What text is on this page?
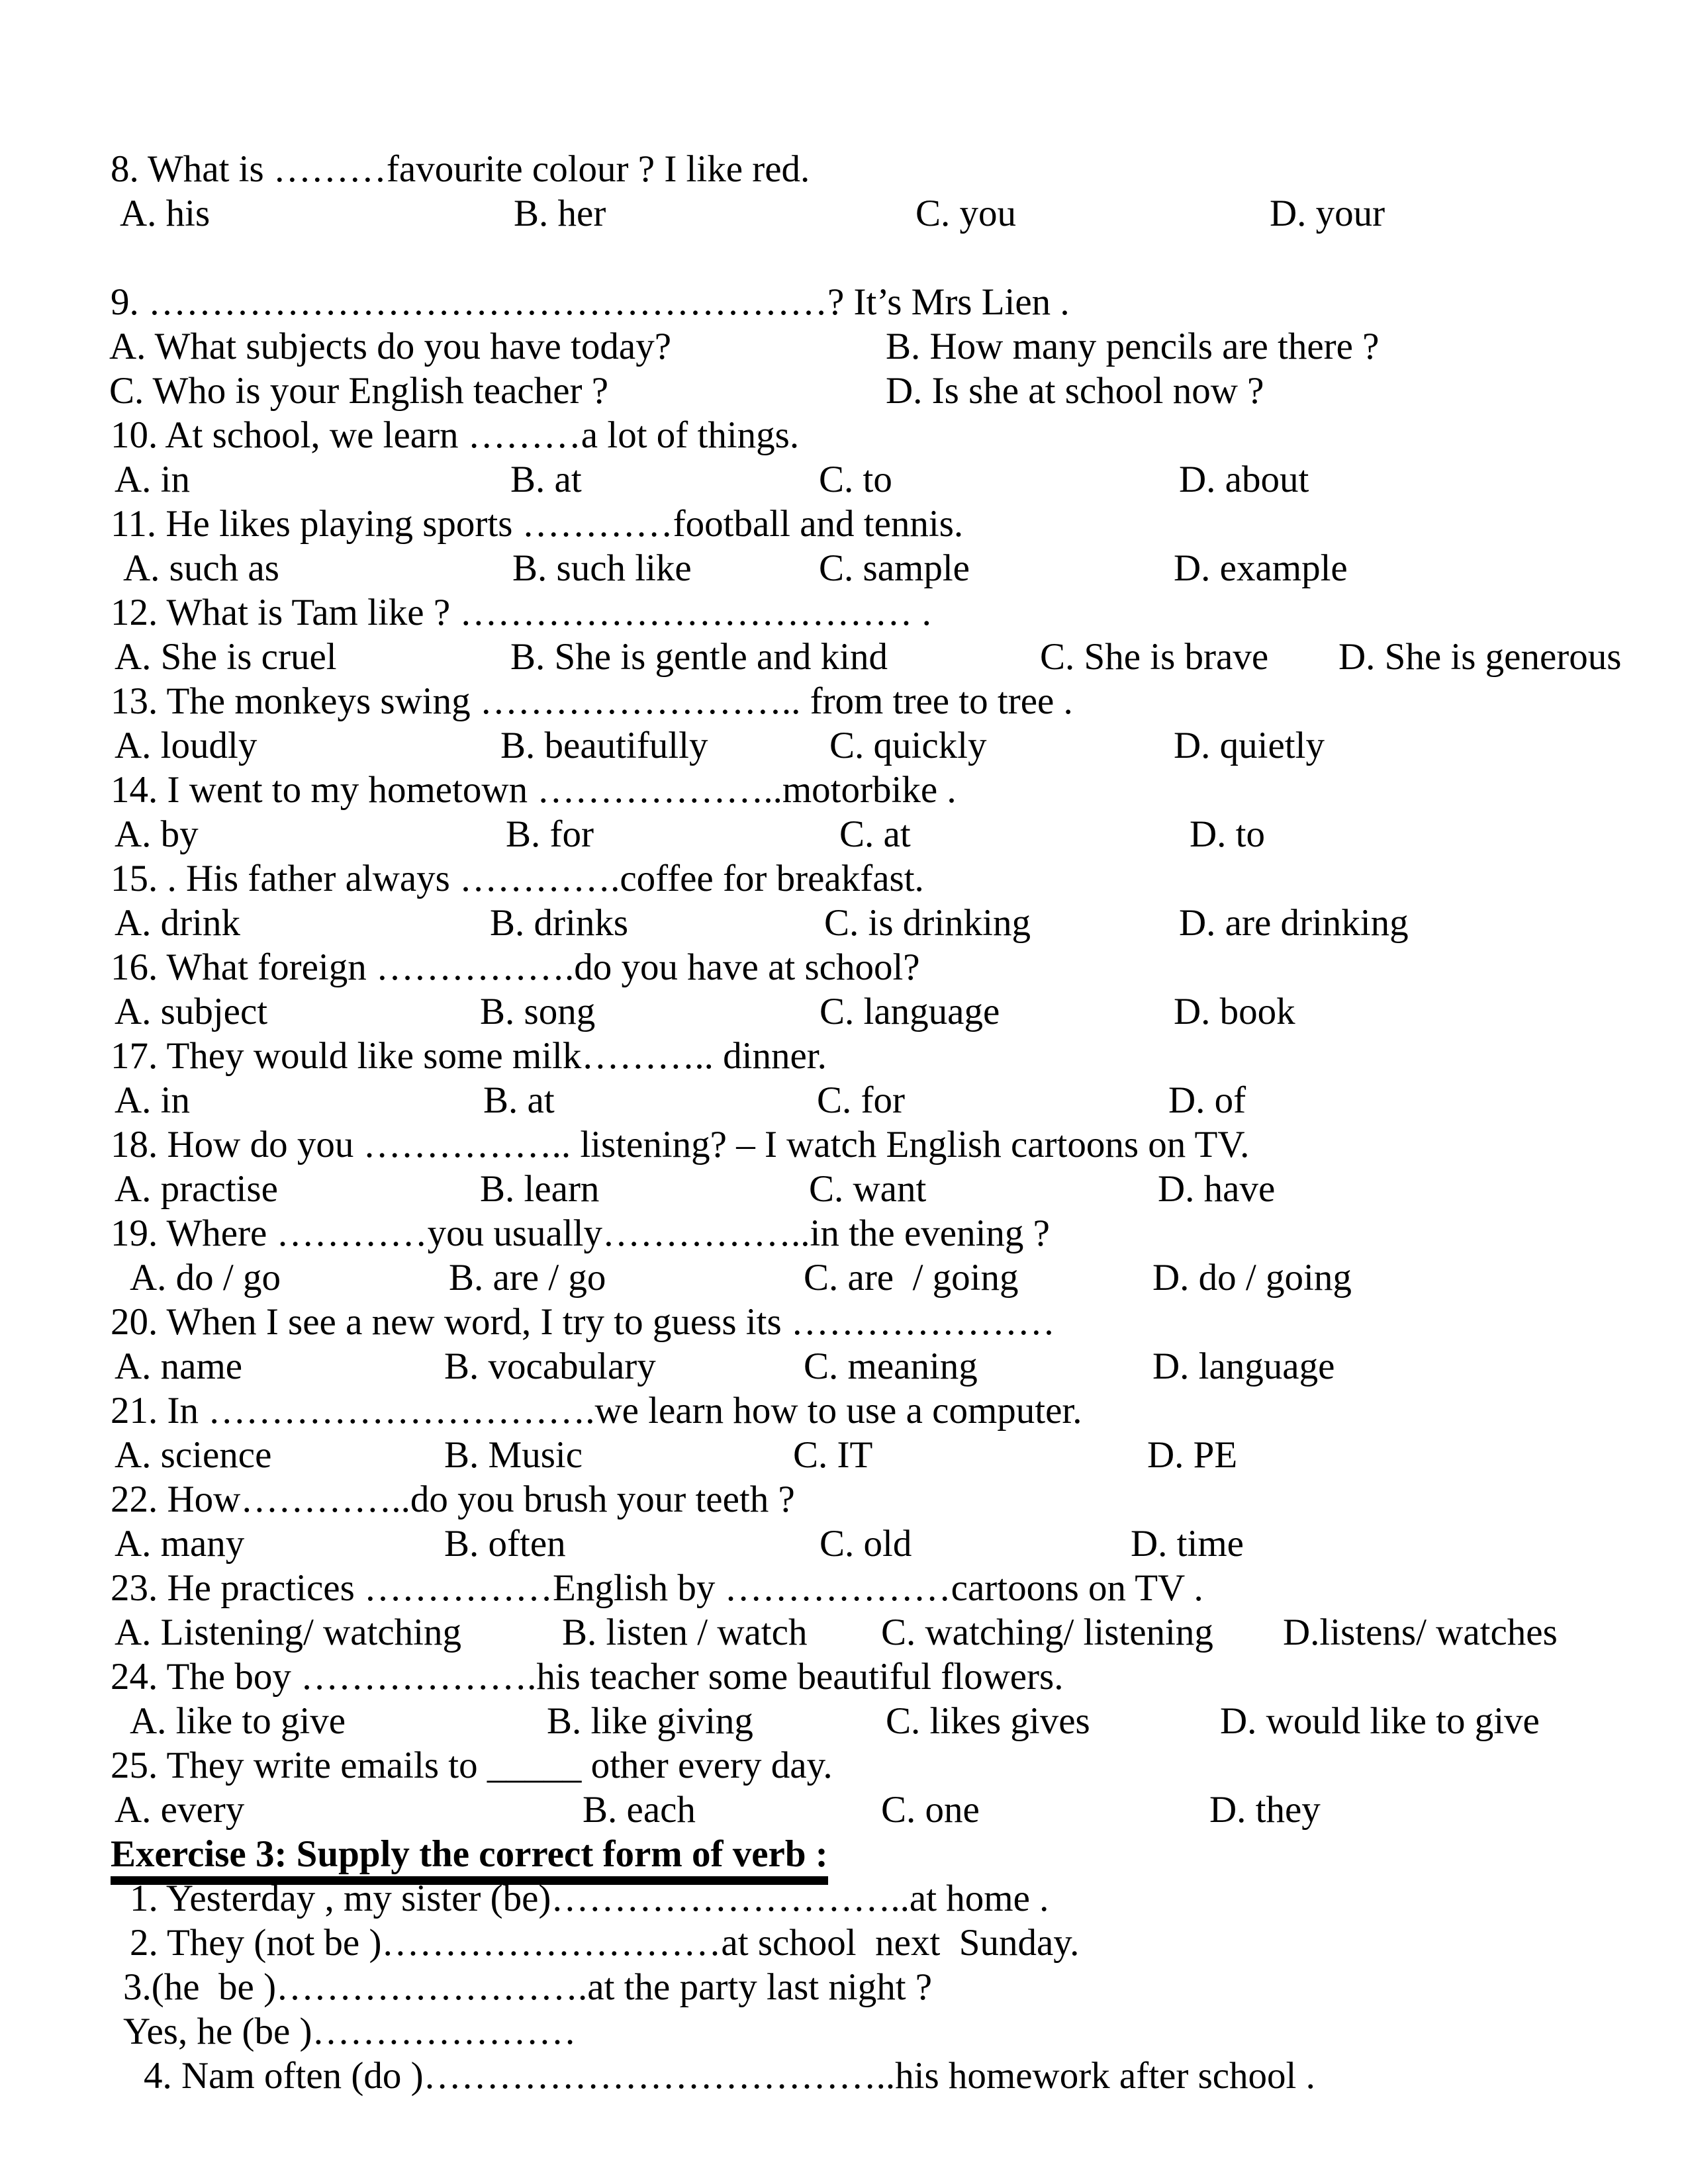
8. What is ………favourite colour ? I like red.
A. his	B. her	C. you	D. your
9. ………………………………………………? It’s Mrs Lien .
A. What subjects do you have today?	B. How many pencils are there ?
C. Who is your English teacher ?	D. Is she at school now ?
10. At school, we learn ………a lot of things.
A. in	B. at	C. to	D. about
11. He likes playing sports …………football and tennis.
A. such as	B. such like	C. sample	D. example
12. What is Tam like ? ……………………………… .
A. She is cruel	B. She is gentle and kind	C. She is brave D. She is generous
13. The monkeys swing …………………….. from tree to tree .
A. loudly	B. beautifully	C. quickly	D. quietly
14. I went to my hometown ………………..motorbike .
A. by	B. for	C. at	D. to
15. . His father always ………….coffee for breakfast.
A. drink	B. drinks	C. is drinking	D. are drinking
16. What foreign …………….do you have at school?
A. subject	B. song	C. language	D. book
17. They would like some milk……….. dinner.
A. in	B. at	C. for	D. of
18. How do you …………….. listening? – I watch English cartoons on TV.
A. practise	B. learn	C. want	D. have
19. Where …………you usually……………..in the evening ?
A. do / go	B. are / go	C. are  / going	D. do / going
20. When I see a new word, I try to guess its …………………
A. name	B. vocabulary	C. meaning	D. language
21. In ………………………….we learn how to use a computer.
A. science	B. Music	C. IT	D. PE
22. How…………..do you brush your teeth ?
A. many	B. often	C. old	D. time
23. He practices ……………English by ………………cartoons on TV .
A. Listening/ watching	B. listen / watch C. watching/ listening D.listens/ watches
24. The boy ……………….his teacher some beautiful flowers.
A. like to give	B. like giving	C. likes gives	D. would like to give
25. They write emails to _____ other every day.
A. every	B. each	C. one	D. they
Exercise 3: Supply the correct form of verb :
1. Yesterday , my sister (be)………………………..at home .
2. They (not be )………………………at school  next  Sunday.
3.(he  be )…………………….at the party last night ?
Yes, he (be )…………………
4. Nam often (do )………………………………..his homework after school .
